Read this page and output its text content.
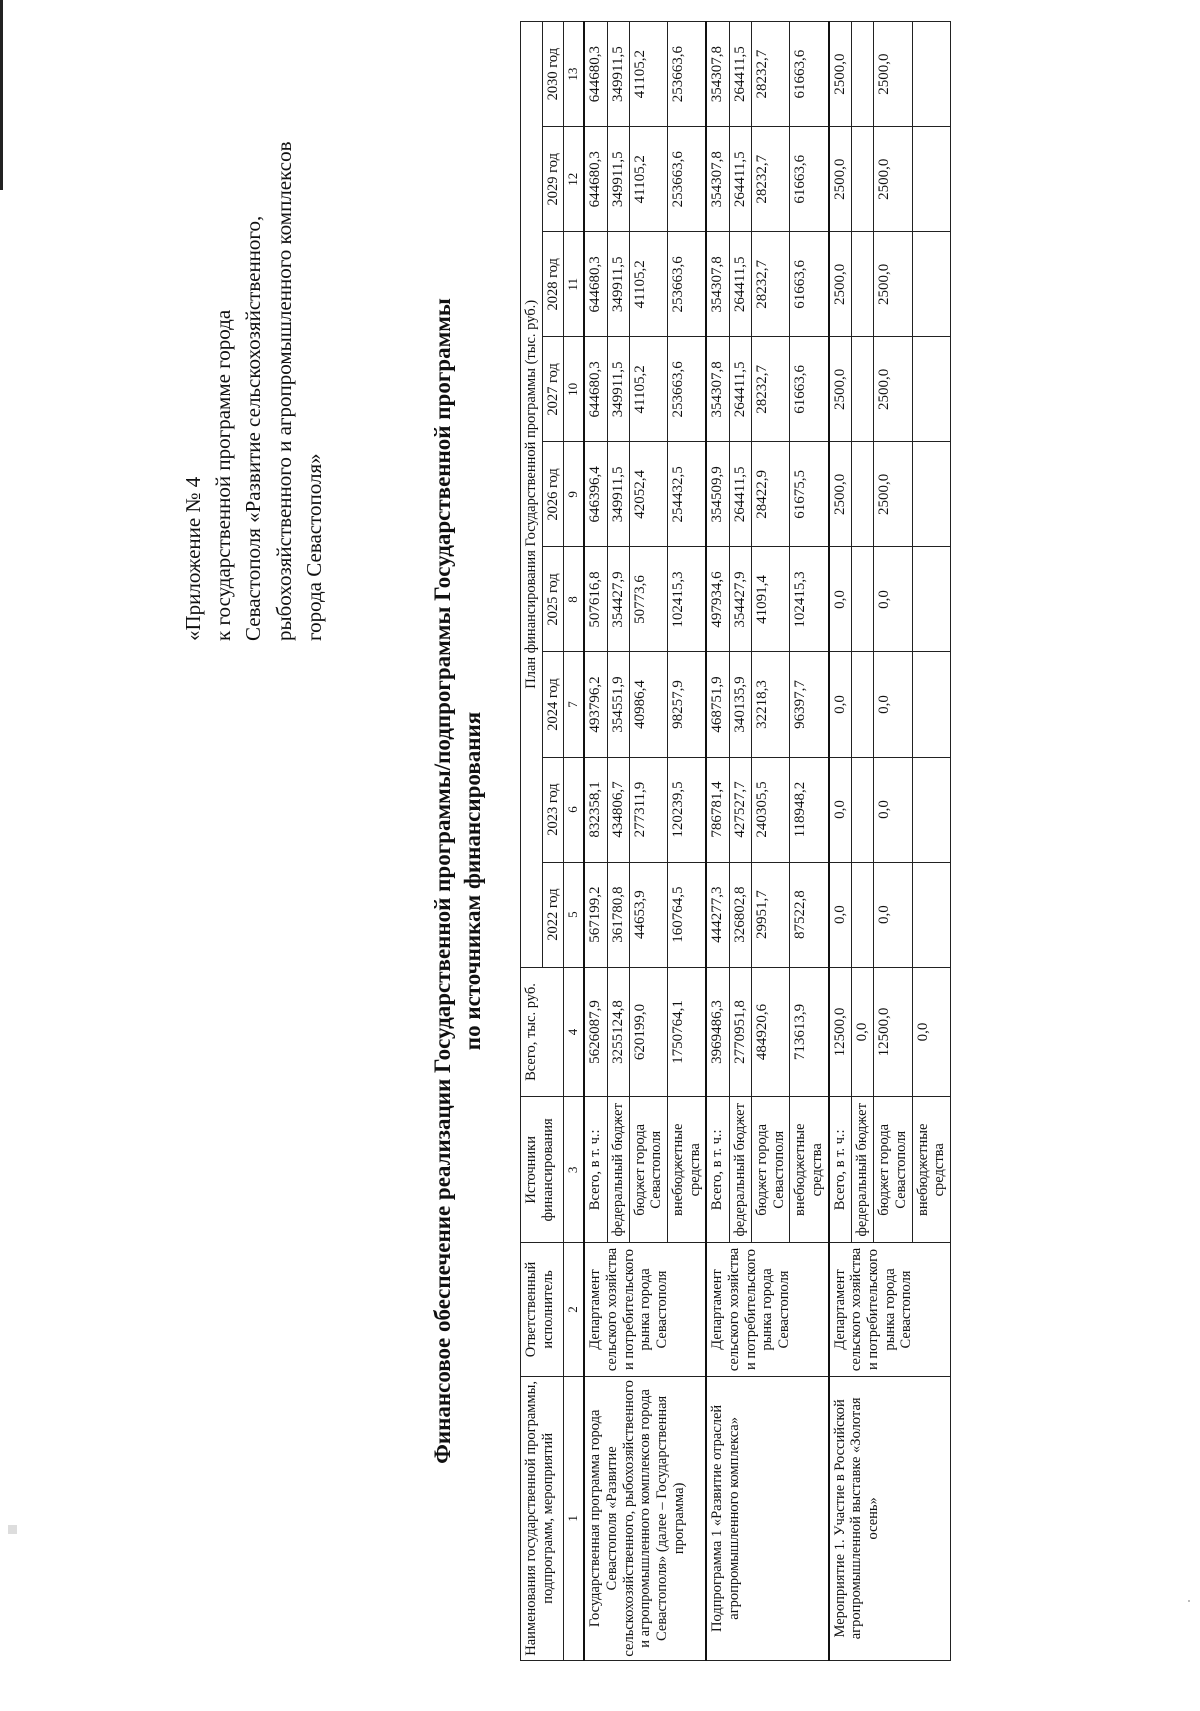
«Приложение № 4 к государственной программе города Севастополя «Развитие сельскохозяйственного, рыбохозяйственного и агропромышленного комплексов города Севастополя»	Финансовое обеспечение реализации Государственной программы/подпрограммы Государственной программы по источникам финансирования
Наименования государственной программы, подпрограмм, мероприятий	Ответственный исполнитель	Источники финансирования	Всего, тыс. руб.	План финансирования Государственной программы (тыс. руб.)								
				2022 год	2023 год	2024 год	2025 год	2026 год	2027 год	2028 год	2029 год	2030 год
1	2	3	4	5	6	7	8	9	10	11	12	13
Государственная программа города Севастополя «Развитие сельскохозяйственного, рыбохозяйственного и агропромышленного комплексов города Севастополя» (далее – Государственная программа)	Департамент сельского хозяйства и потребительского рынка города Севастополя	Всего, в т. ч.:	5626087,9	567199,2	832358,1	493796,2	507616,8	646396,4	644680,3	644680,3	644680,3	644680,3
		федеральный бюджет	3255124,8	361780,8	434806,7	354551,9	354427,9	349911,5	349911,5	349911,5	349911,5	349911,5
		бюджет города Севастополя	620199,0	44653,9	277311,9	40986,4	50773,6	42052,4	41105,2	41105,2	41105,2	41105,2
		внебюджетные средства	1750764,1	160764,5	120239,5	98257,9	102415,3	254432,5	253663,6	253663,6	253663,6	253663,6
Подпрограмма 1 «Развитие отраслей агропромышленного комплекса»	Департамент сельского хозяйства и потребительского рынка города Севастополя	Всего, в т. ч.:	3969486,3	444277,3	786781,4	468751,9	497934,6	354509,9	354307,8	354307,8	354307,8	354307,8
		федеральный бюджет	2770951,8	326802,8	427527,7	340135,9	354427,9	264411,5	264411,5	264411,5	264411,5	264411,5
		бюджет города Севастополя	484920,6	29951,7	240305,5	32218,3	41091,4	28422,9	28232,7	28232,7	28232,7	28232,7
		внебюджетные средства	713613,9	87522,8	118948,2	96397,7	102415,3	61675,5	61663,6	61663,6	61663,6	61663,6
Мероприятие 1. Участие в Российской агропромышленной выставке «Золотая осень»	Департамент сельского хозяйства и потребительского рынка города Севастополя	Всего, в т. ч.:	12500,0	0,0	0,0	0,0	0,0	2500,0	2500,0	2500,0	2500,0	2500,0
		федеральный бюджет	0,0									
		бюджет города Севастополя	12500,0	0,0	0,0	0,0	0,0	2500,0	2500,0	2500,0	2500,0	2500,0
		внебюджетные средства	0,0									
